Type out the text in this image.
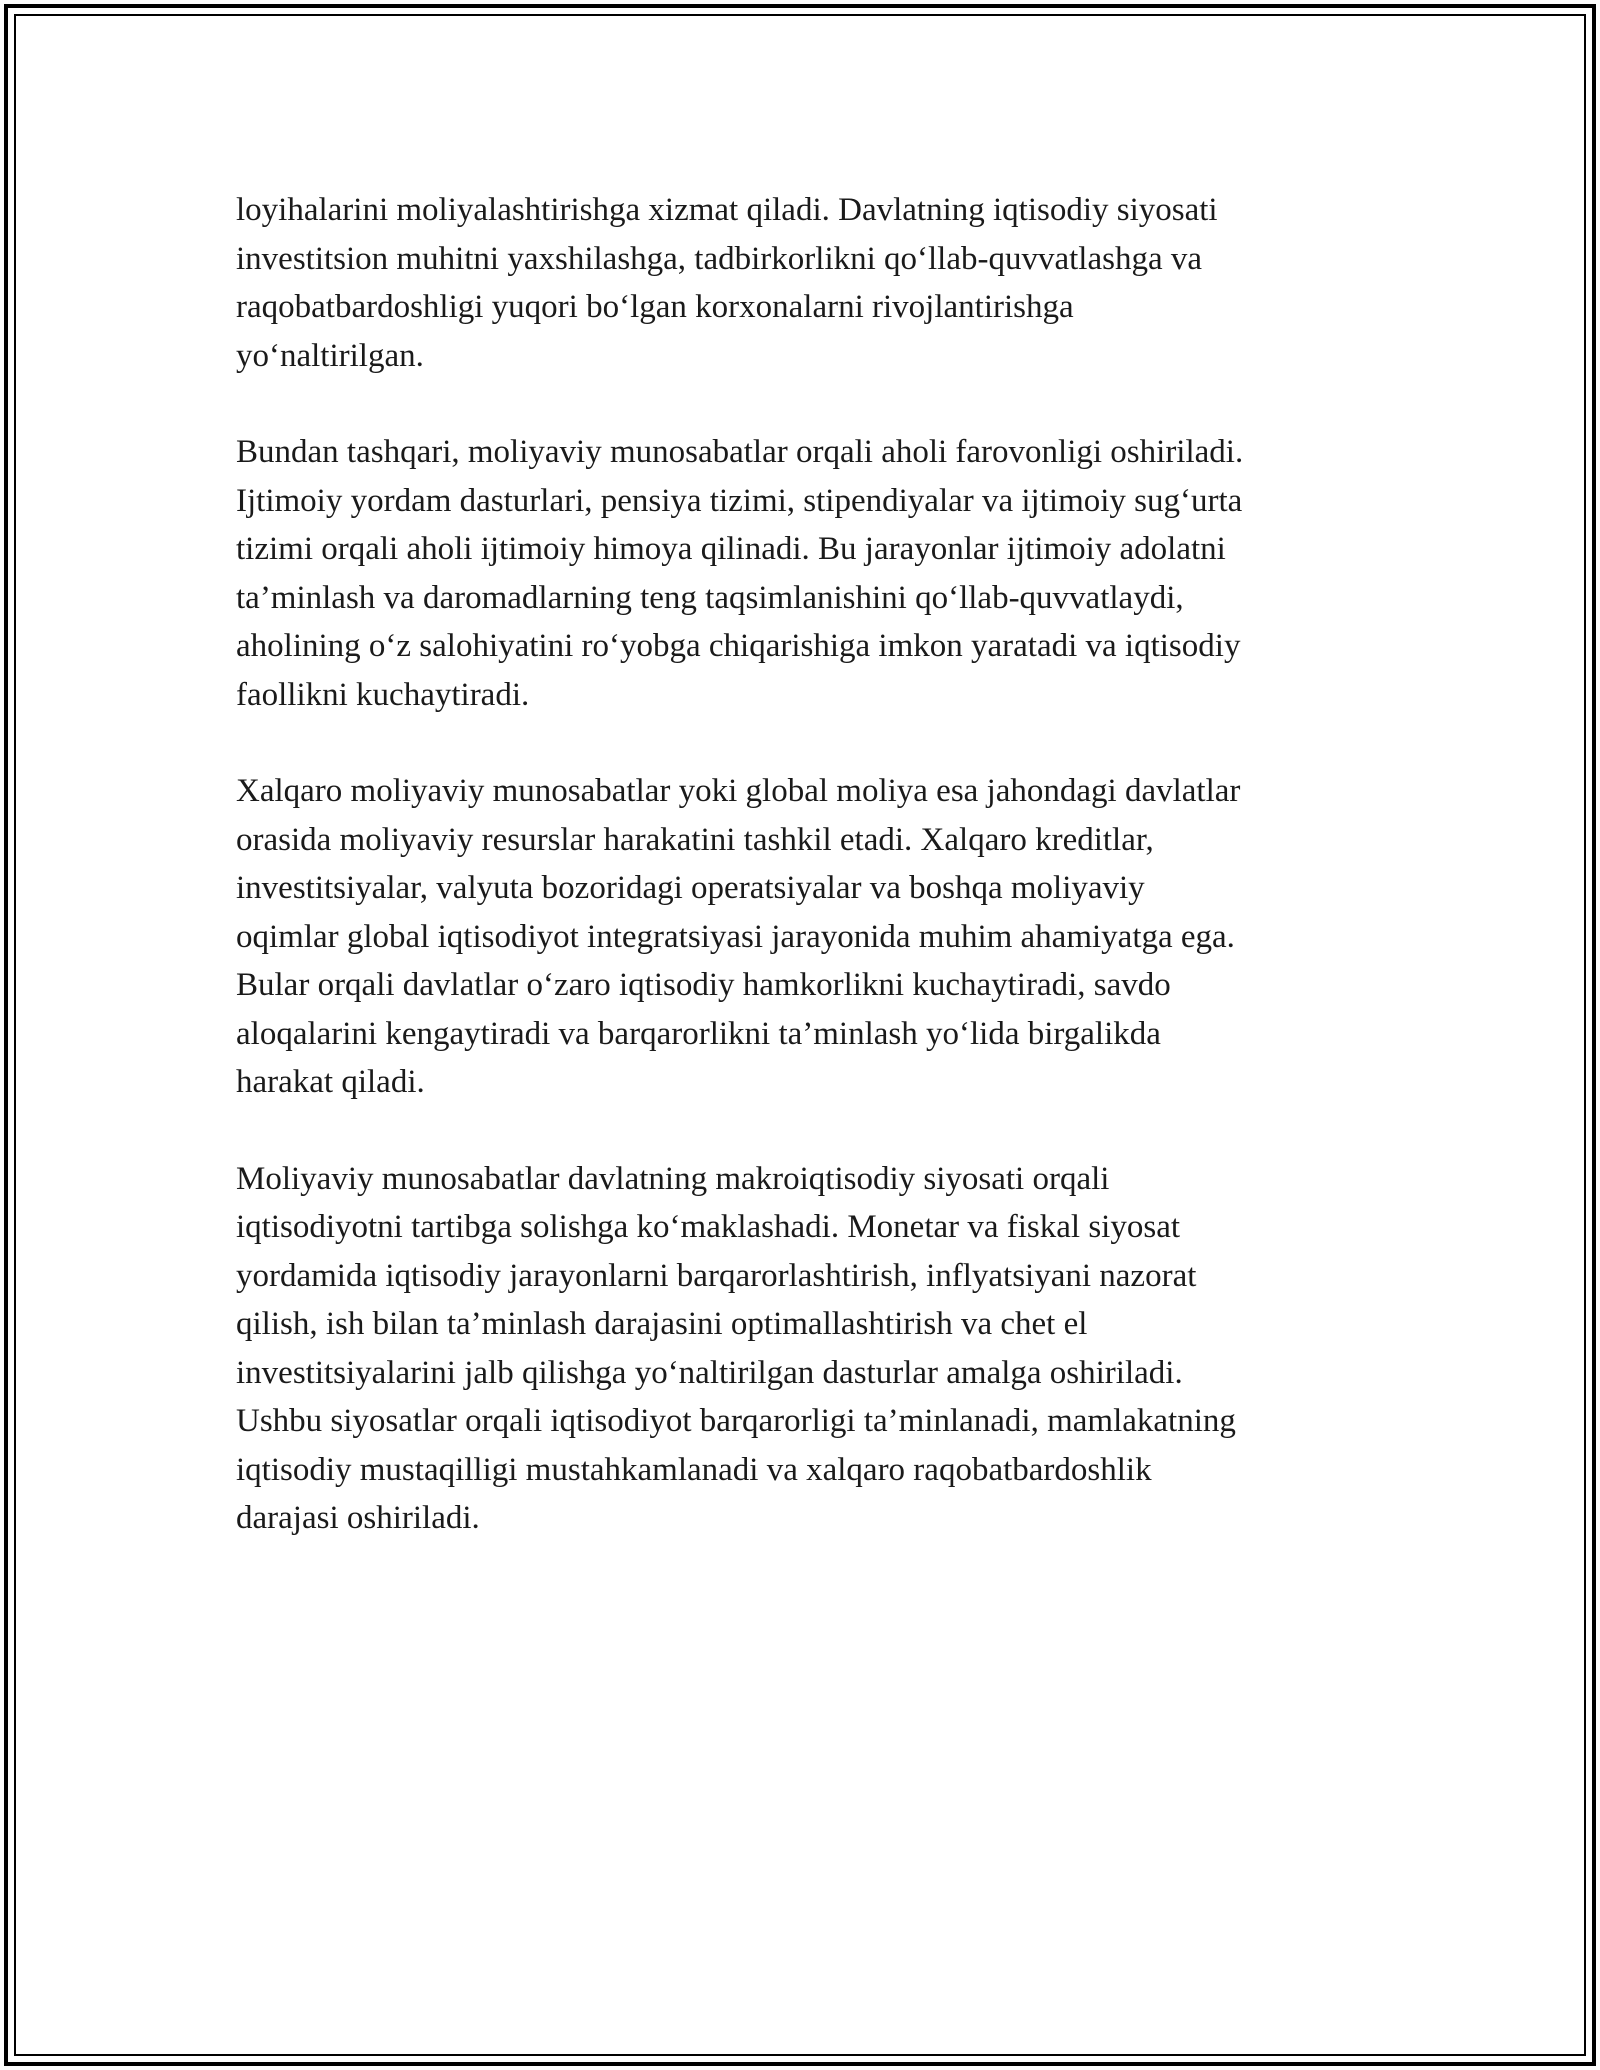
loyihalarini moliyalashtirishga xizmat qiladi. Davlatning iqtisodiy siyosati
investitsion muhitni yaxshilashga, tadbirkorlikni qo‘llab-quvvatlashga va
raqobatbardoshligi yuqori bo‘lgan korxonalarni rivojlantirishga
yo‘naltirilgan.

Bundan tashqari, moliyaviy munosabatlar orqali aholi farovonligi oshiriladi.
Ijtimoiy yordam dasturlari, pensiya tizimi, stipendiyalar va ijtimoiy sug‘urta
tizimi orqali aholi ijtimoiy himoya qilinadi. Bu jarayonlar ijtimoiy adolatni
ta’minlash va daromadlarning teng taqsimlanishini qo‘llab-quvvatlaydi,
aholining o‘z salohiyatini ro‘yobga chiqarishiga imkon yaratadi va iqtisodiy
faollikni kuchaytiradi.

Xalqaro moliyaviy munosabatlar yoki global moliya esa jahondagi davlatlar
orasida moliyaviy resurslar harakatini tashkil etadi. Xalqaro kreditlar,
investitsiyalar, valyuta bozoridagi operatsiyalar va boshqa moliyaviy
oqimlar global iqtisodiyot integratsiyasi jarayonida muhim ahamiyatga ega.
Bular orqali davlatlar o‘zaro iqtisodiy hamkorlikni kuchaytiradi, savdo
aloqalarini kengaytiradi va barqarorlikni ta’minlash yo‘lida birgalikda
harakat qiladi.

Moliyaviy munosabatlar davlatning makroiqtisodiy siyosati orqali
iqtisodiyotni tartibga solishga ko‘maklashadi. Monetar va fiskal siyosat
yordamida iqtisodiy jarayonlarni barqarorlashtirish, inflyatsiyani nazorat
qilish, ish bilan ta’minlash darajasini optimallashtirish va chet el
investitsiyalarini jalb qilishga yo‘naltirilgan dasturlar amalga oshiriladi.
Ushbu siyosatlar orqali iqtisodiyot barqarorligi ta’minlanadi, mamlakatning
iqtisodiy mustaqilligi mustahkamlanadi va xalqaro raqobatbardoshlik
darajasi oshiriladi.
